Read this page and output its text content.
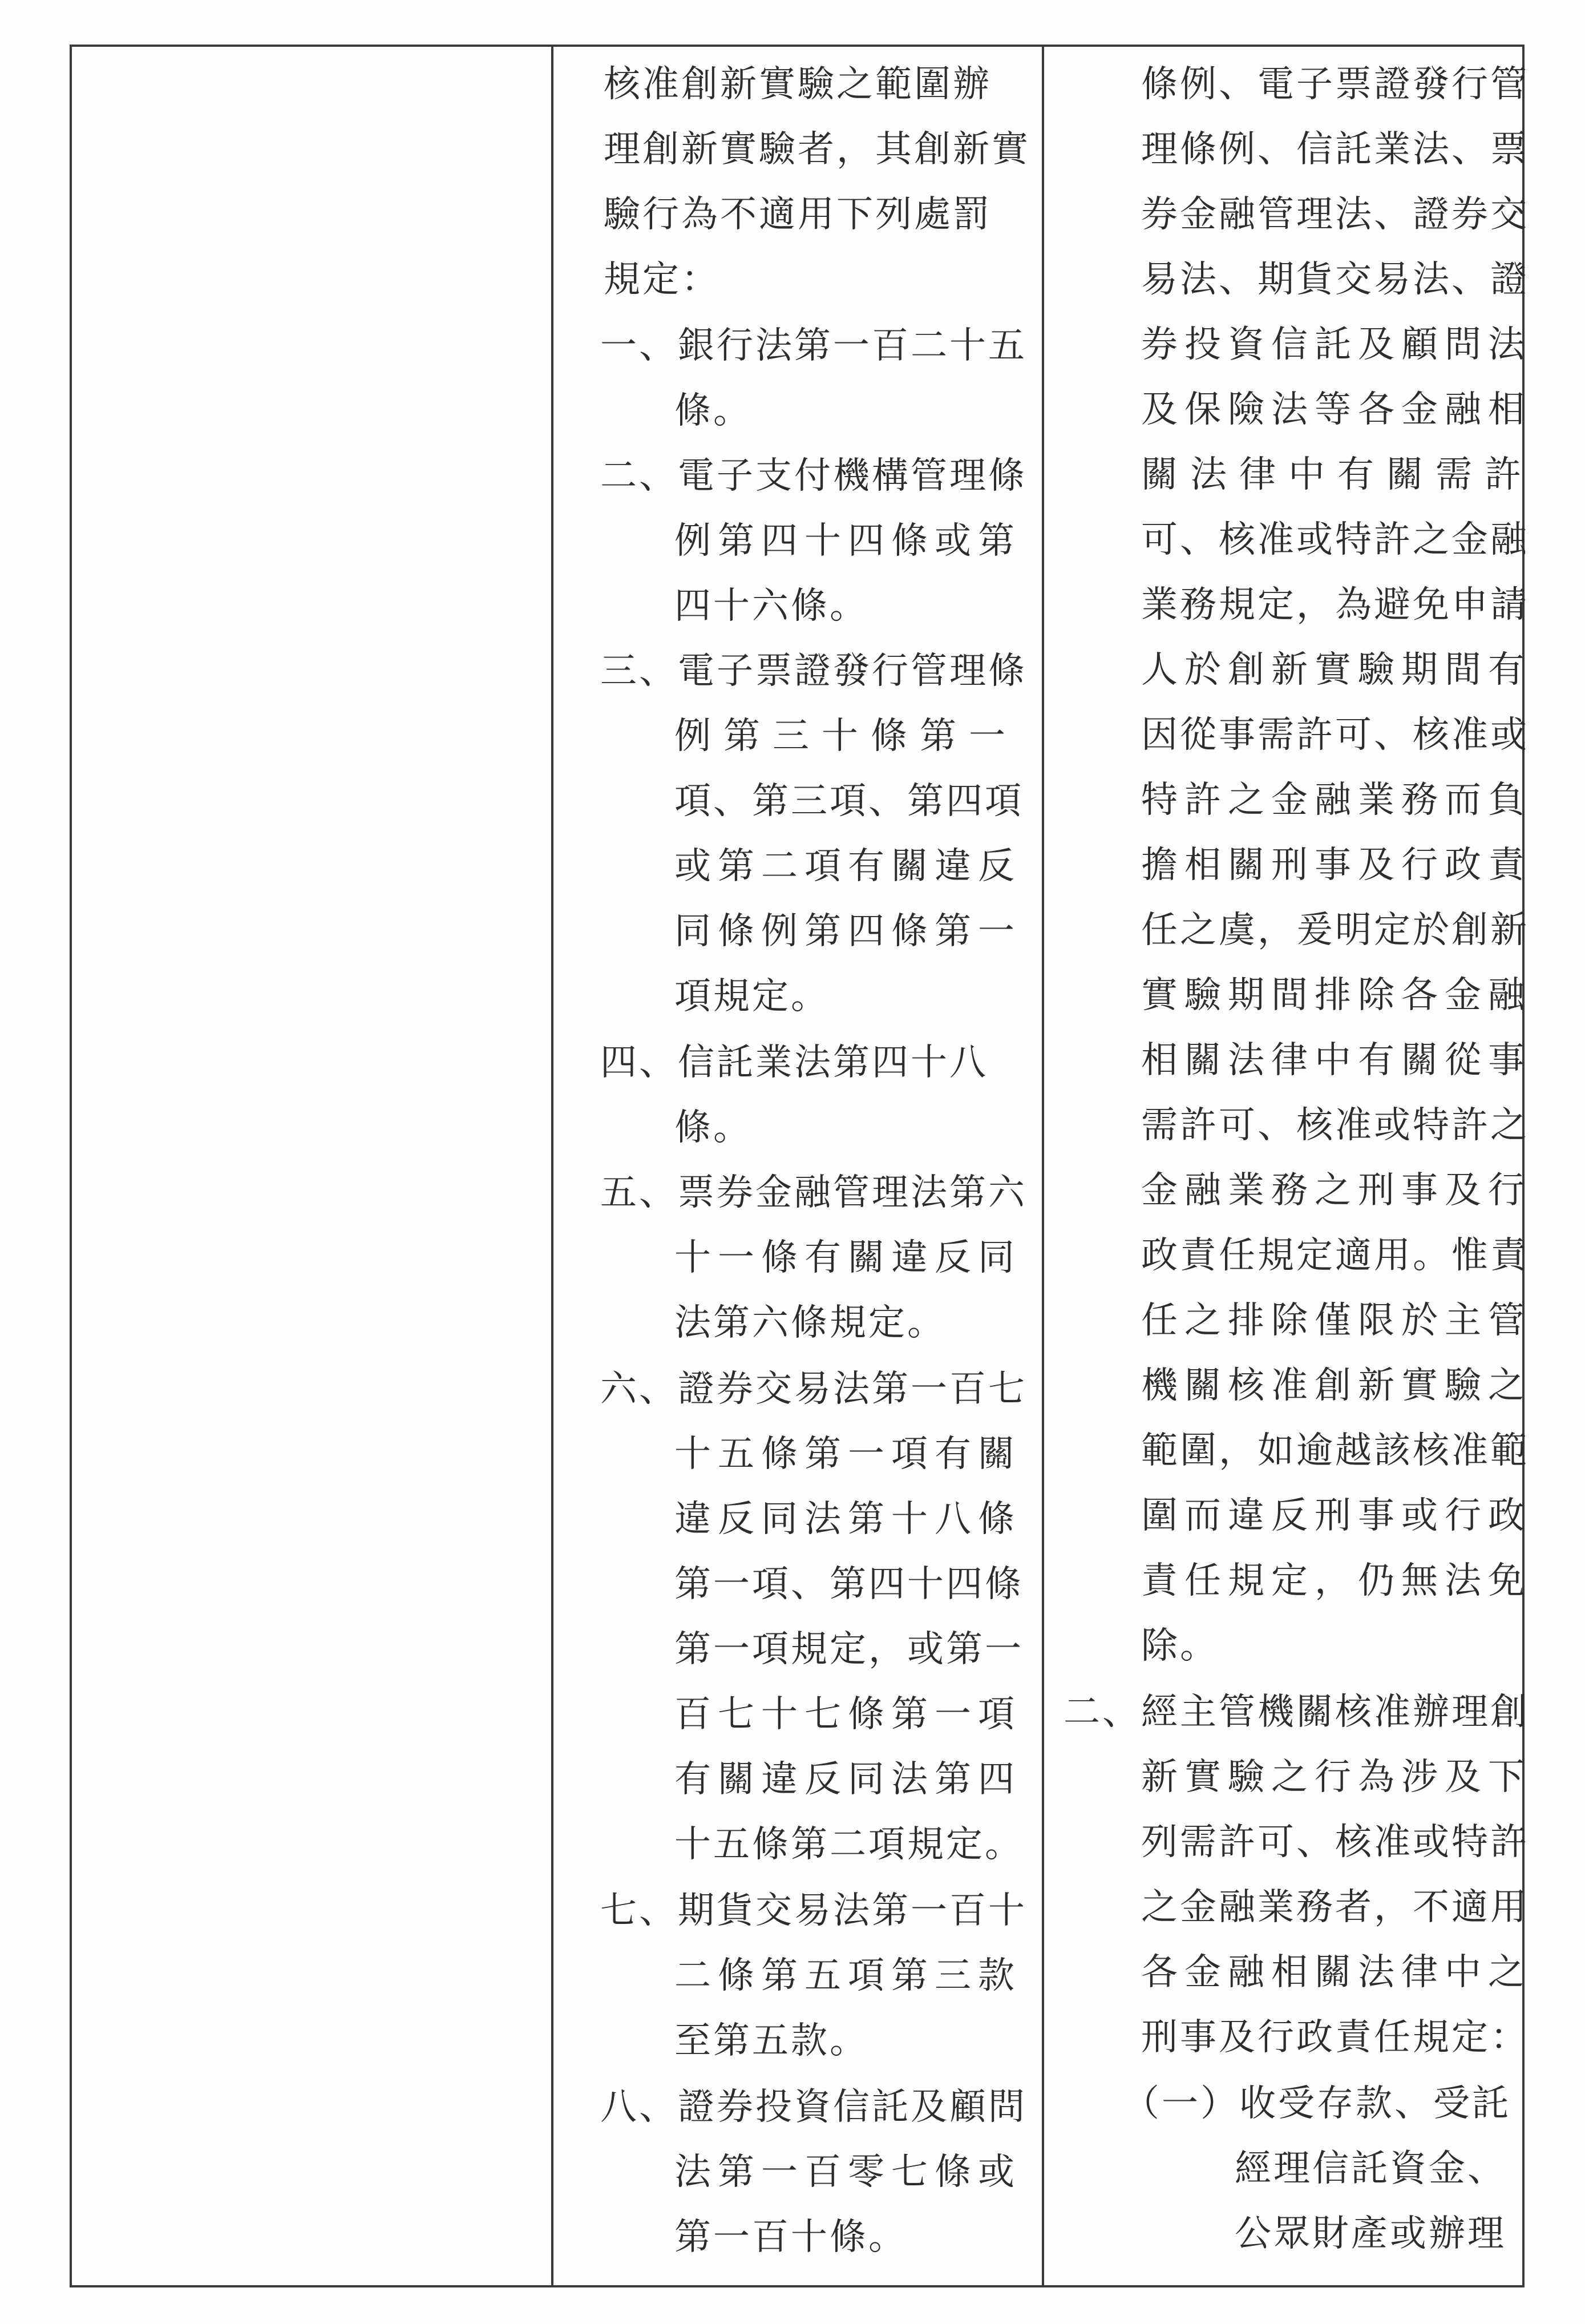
核准創新實驗之範圍辦
理創新實驗者，其創新實
驗行為不適用下列處罰
規定：
一、銀行法第一百二十五
條。
二、電子支付機構管理條
例第四十四條或第
四十六條。
三、電子票證發行管理條
例第三十條第一
項、第三項、第四項
或第二項有關違反
同條例第四條第一
項規定。
四、信託業法第四十八
條。
五、票券金融管理法第六
十一條有關違反同
法第六條規定。
六、證券交易法第一百七
十五條第一項有關
違反同法第十八條
第一項、第四十四條
第一項規定，或第一
百七十七條第一項
有關違反同法第四
十五條第二項規定。
七、期貨交易法第一百十
二條第五項第三款
至第五款。
八、證券投資信託及顧問
法第一百零七條或
第一百十條。
條例、電子票證發行管
理條例、信託業法、票
券金融管理法、證券交
易法、期貨交易法、證
券投資信託及顧問法
及保險法等各金融相
關法律中有關需許
可、核准或特許之金融
業務規定，為避免申請
人於創新實驗期間有
因從事需許可、核准或
特許之金融業務而負
擔相關刑事及行政責
任之虞，爰明定於創新
實驗期間排除各金融
相關法律中有關從事
需許可、核准或特許之
金融業務之刑事及行
政責任規定適用。惟責
任之排除僅限於主管
機關核准創新實驗之
範圍，如逾越該核准範
圍而違反刑事或行政
責任規定，仍無法免
除。
二、經主管機關核准辦理創
新實驗之行為涉及下
列需許可、核准或特許
之金融業務者，不適用
各金融相關法律中之
刑事及行政責任規定：
（一）收受存款、受託
經理信託資金、
公眾財產或辦理
